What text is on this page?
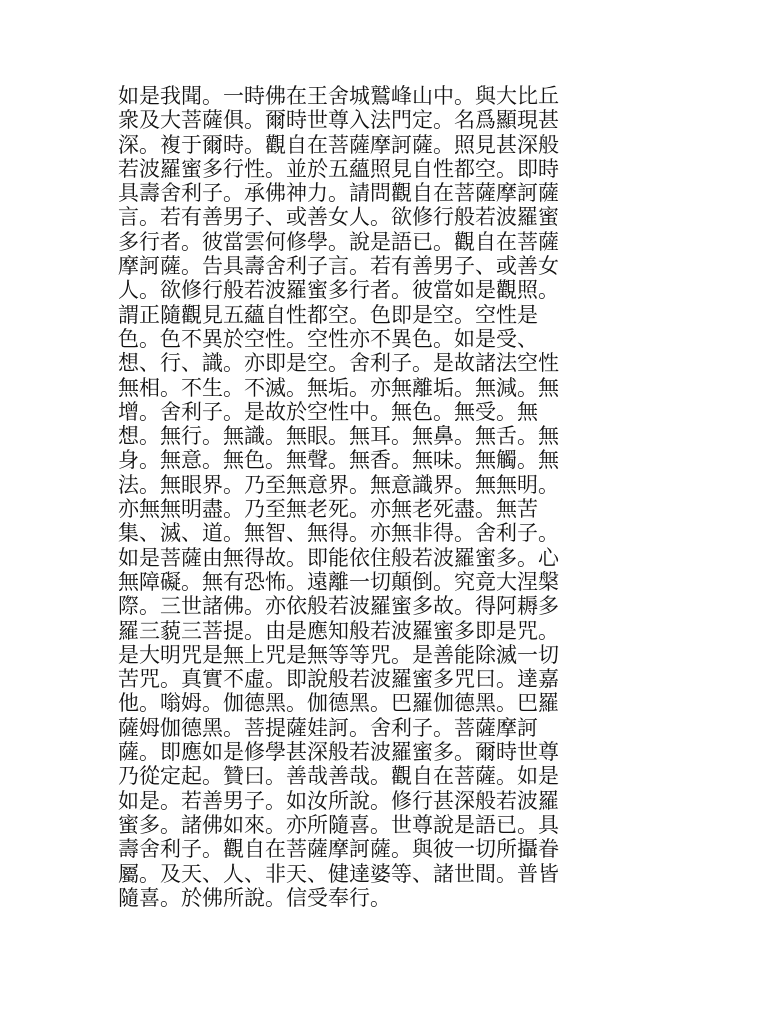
如是我聞。一時佛在王舍城鷲峰山中。與大比丘
衆及大菩薩俱。爾時世尊入法門定。名爲顯現甚
深。複于爾時。觀自在菩薩摩訶薩。照見甚深般
若波羅蜜多行性。並於五蘊照見自性都空。即時
具壽舍利子。承佛神力。請問觀自在菩薩摩訶薩
言。若有善男子、或善女人。欲修行般若波羅蜜
多行者。彼當雲何修學。說是語已。觀自在菩薩
摩訶薩。告具壽舍利子言。若有善男子、或善女
人。欲修行般若波羅蜜多行者。彼當如是觀照。
謂正隨觀見五蘊自性都空。色即是空。空性是
色。色不異於空性。空性亦不異色。如是受、
想、行、識。亦即是空。舍利子。是故諸法空性
無相。不生。不滅。無垢。亦無離垢。無減。無
增。舍利子。是故於空性中。無色。無受。無
想。無行。無識。無眼。無耳。無鼻。無舌。無
身。無意。無色。無聲。無香。無味。無觸。無
法。無眼界。乃至無意界。無意識界。無無明。
亦無無明盡。乃至無老死。亦無老死盡。無苦
集、滅、道。無智、無得。亦無非得。舍利子。
如是菩薩由無得故。即能依住般若波羅蜜多。心
無障礙。無有恐怖。遠離一切顛倒。究竟大涅槃
際。三世諸佛。亦依般若波羅蜜多故。得阿耨多
羅三藐三菩提。由是應知般若波羅蜜多即是咒。
是大明咒是無上咒是無等等咒。是善能除滅一切
苦咒。真實不虛。即說般若波羅蜜多咒曰。達嘉
他。嗡姆。伽德黑。伽德黑。巴羅伽德黑。巴羅
薩姆伽德黑。菩提薩娃訶。舍利子。菩薩摩訶
薩。即應如是修學甚深般若波羅蜜多。爾時世尊
乃從定起。贊曰。善哉善哉。觀自在菩薩。如是
如是。若善男子。如汝所說。修行甚深般若波羅
蜜多。諸佛如來。亦所隨喜。世尊說是語已。具
壽舍利子。觀自在菩薩摩訶薩。與彼一切所攝眷
屬。及天、人、非天、健達婆等、諸世間。普皆
隨喜。於佛所說。信受奉行。
